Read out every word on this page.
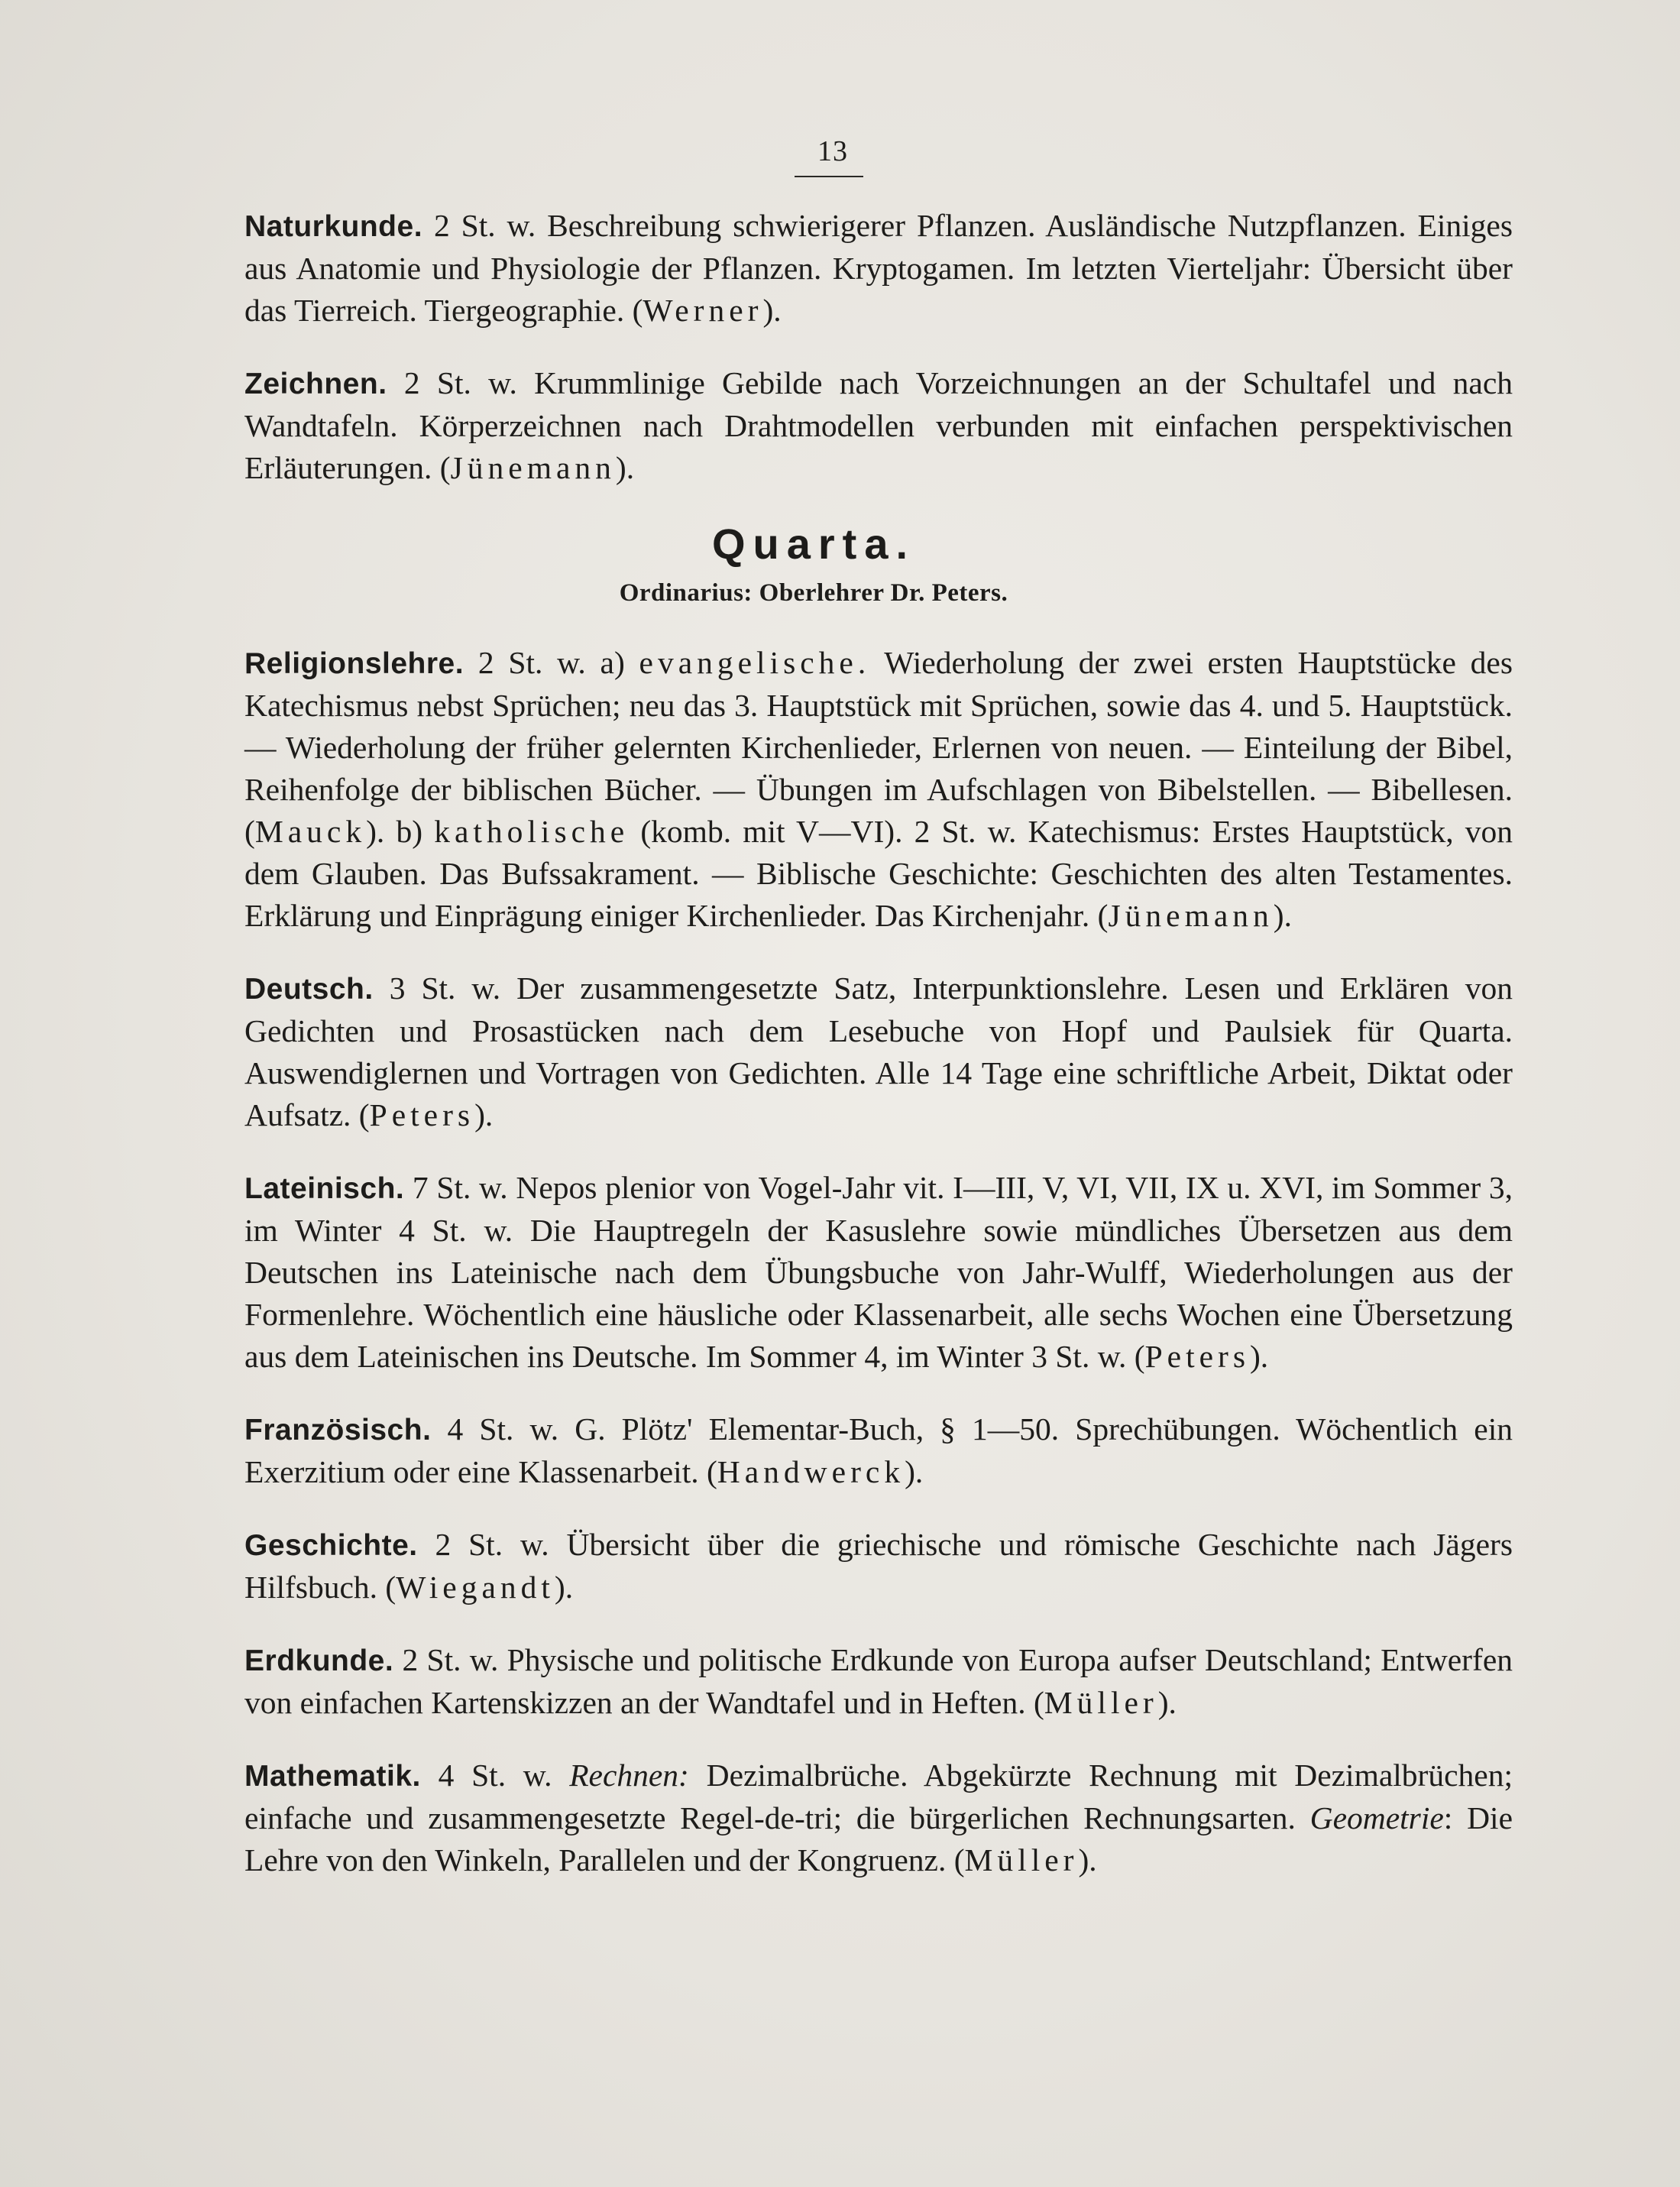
13

Naturkunde. 2 St. w. Beschreibung schwierigerer Pflanzen. Ausländische Nutzpflanzen. Einiges aus Anatomie und Physiologie der Pflanzen. Kryptogamen. Im letzten Vierteljahr: Übersicht über das Tierreich. Tiergeographie. (Werner).

Zeichnen. 2 St. w. Krummlinige Gebilde nach Vorzeichnungen an der Schultafel und nach Wandtafeln. Körperzeichnen nach Drahtmodellen verbunden mit einfachen perspektivischen Erläuterungen. (Jünemann).

Quarta.
Ordinarius: Oberlehrer Dr. Peters.

Religionslehre. 2 St. w. a) evangelische. Wiederholung der zwei ersten Hauptstücke des Katechismus nebst Sprüchen; neu das 3. Hauptstück mit Sprüchen, sowie das 4. und 5. Hauptstück. — Wiederholung der früher gelernten Kirchenlieder, Erlernen von neuen. — Einteilung der Bibel, Reihenfolge der biblischen Bücher. — Übungen im Aufschlagen von Bibelstellen. — Bibellesen. (Mauck). b) katholische (komb. mit V—VI). 2 St. w. Katechismus: Erstes Hauptstück, von dem Glauben. Das Bufssakrament. — Biblische Geschichte: Geschichten des alten Testamentes. Erklärung und Einprägung einiger Kirchenlieder. Das Kirchenjahr. (Jünemann).

Deutsch. 3 St. w. Der zusammengesetzte Satz, Interpunktionslehre. Lesen und Erklären von Gedichten und Prosastücken nach dem Lesebuche von Hopf und Paulsiek für Quarta. Auswendiglernen und Vortragen von Gedichten. Alle 14 Tage eine schriftliche Arbeit, Diktat oder Aufsatz. (Peters).

Lateinisch. 7 St. w. Nepos plenior von Vogel-Jahr vit. I—III, V, VI, VII, IX u. XVI, im Sommer 3, im Winter 4 St. w. Die Hauptregeln der Kasuslehre sowie mündliches Übersetzen aus dem Deutschen ins Lateinische nach dem Übungsbuche von Jahr-Wulff, Wiederholungen aus der Formenlehre. Wöchentlich eine häusliche oder Klassenarbeit, alle sechs Wochen eine Übersetzung aus dem Lateinischen ins Deutsche. Im Sommer 4, im Winter 3 St. w. (Peters).

Französisch. 4 St. w. G. Plötz' Elementar-Buch, § 1—50. Sprechübungen. Wöchentlich ein Exerzitium oder eine Klassenarbeit. (Handwerck).

Geschichte. 2 St. w. Übersicht über die griechische und römische Geschichte nach Jägers Hilfsbuch. (Wiegandt).

Erdkunde. 2 St. w. Physische und politische Erdkunde von Europa aufser Deutschland; Entwerfen von einfachen Kartenskizzen an der Wandtafel und in Heften. (Müller).

Mathematik. 4 St. w. Rechnen: Dezimalbrüche. Abgekürzte Rechnung mit Dezimalbrüchen; einfache und zusammengesetzte Regel-de-tri; die bürgerlichen Rechnungsarten. Geometrie: Die Lehre von den Winkeln, Parallelen und der Kongruenz. (Müller).
